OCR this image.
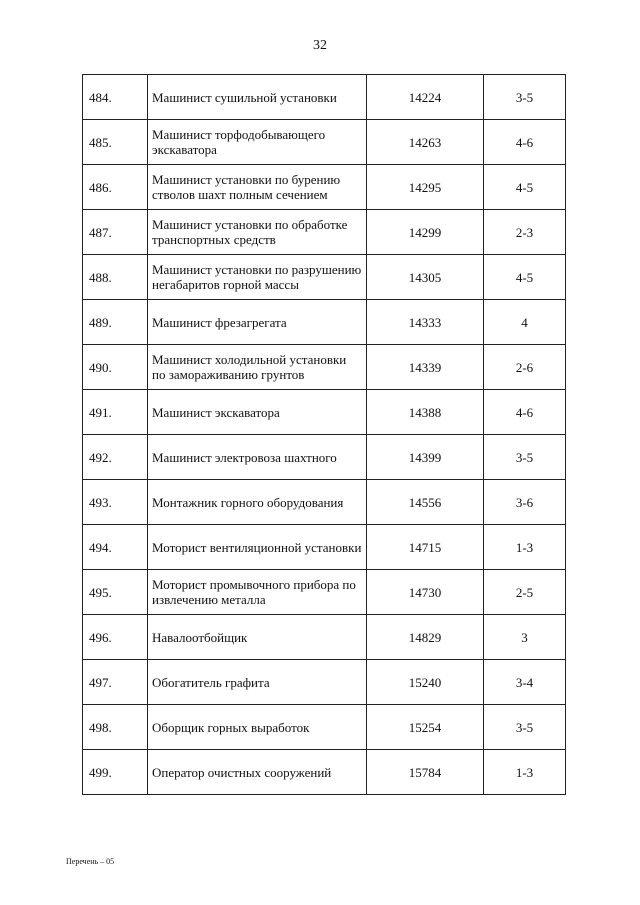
32
484.	Машинист сушильной установки	14224	3-5
485.	Машинист торфодобывающего экскаватора	14263	4-6
486.	Машинист установки по бурению стволов шахт полным сечением	14295	4-5
487.	Машинист установки по обработке транспортных средств	14299	2-3
488.	Машинист установки по разрушению негабаритов горной массы	14305	4-5
489.	Машинист фрезагрегата	14333	4
490.	Машинист холодильной установки по замораживанию грунтов	14339	2-6
491.	Машинист экскаватора	14388	4-6
492.	Машинист электровоза шахтного	14399	3-5
493.	Монтажник горного оборудования	14556	3-6
494.	Моторист вентиляционной установки	14715	1-3
495.	Моторист промывочного прибора по извлечению металла	14730	2-5
496.	Навалоотбойщик	14829	3
497.	Обогатитель графита	15240	3-4
498.	Оборщик горных выработок	15254	3-5
499.	Оператор очистных сооружений	15784	1-3
Перечень – 05
